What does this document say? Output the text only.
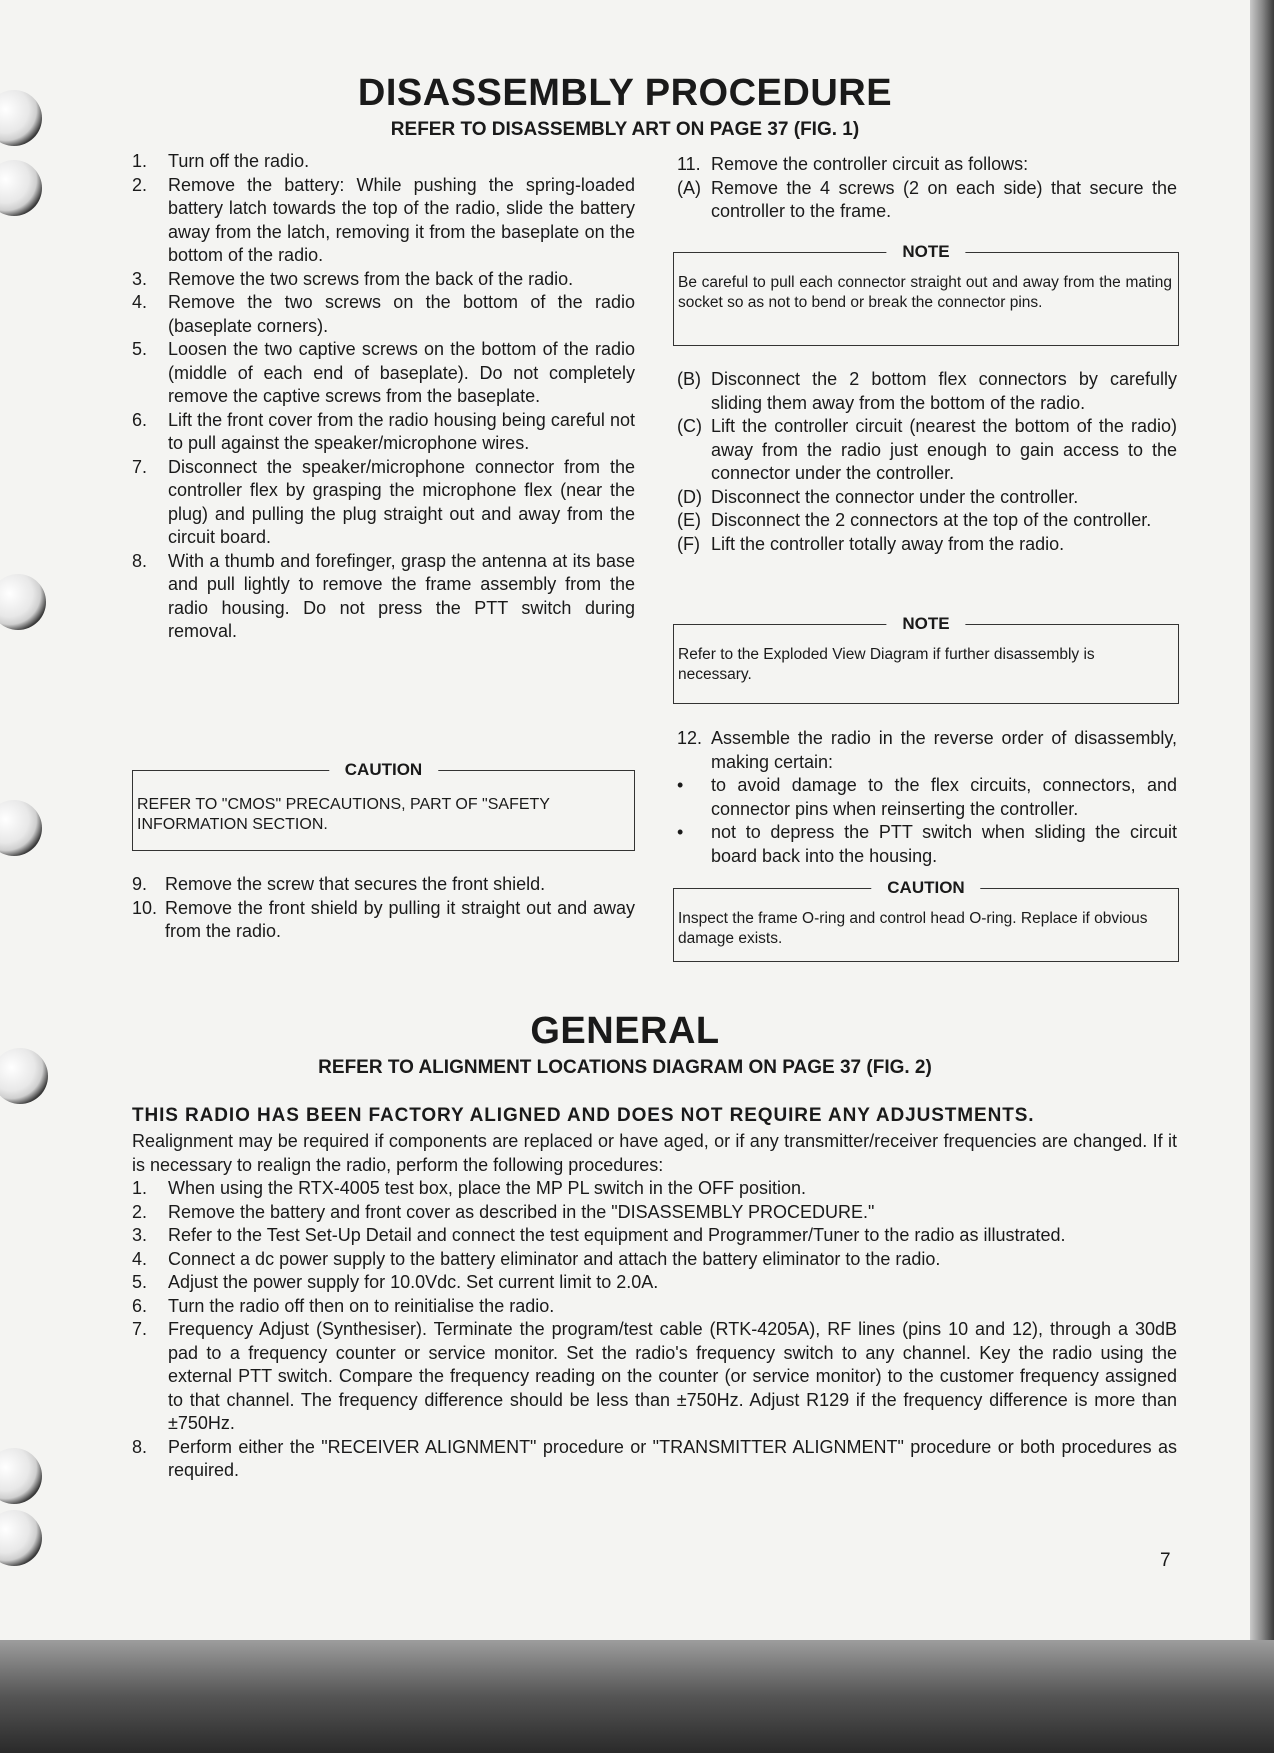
DISASSEMBLY PROCEDURE
REFER TO DISASSEMBLY ART ON PAGE 37 (FIG. 1)

1. Turn off the radio.

2. Remove the battery: While pushing the spring-loaded battery latch towards the top of the radio, slide the battery away from the latch, removing it from the baseplate on the bottom of the radio.

3. Remove the two screws from the back of the radio.

4. Remove the two screws on the bottom of the radio (baseplate corners).

5. Loosen the two captive screws on the bottom of the radio (middle of each end of baseplate). Do not completely remove the captive screws from the baseplate.

6. Lift the front cover from the radio housing being careful not to pull against the speaker/microphone wires.

7. Disconnect the speaker/microphone connector from the controller flex by grasping the microphone flex (near the plug) and pulling the plug straight out and away from the circuit board.

8. With a thumb and forefinger, grasp the antenna at its base and pull lightly to remove the frame assembly from the radio housing. Do not press the PTT switch during removal.

CAUTION
REFER TO "CMOS" PRECAUTIONS, PART OF "SAFETY INFORMATION SECTION.

9. Remove the screw that secures the front shield.

10. Remove the front shield by pulling it straight out and away from the radio.

11. Remove the controller circuit as follows:

(A) Remove the 4 screws (2 on each side) that secure the controller to the frame.

NOTE
Be careful to pull each connector straight out and away from the mating socket so as not to bend or break the connector pins.

(B) Disconnect the 2 bottom flex connectors by carefully sliding them away from the bottom of the radio.

(C) Lift the controller circuit (nearest the bottom of the radio) away from the radio just enough to gain access to the connector under the controller.

(D) Disconnect the connector under the controller.

(E) Disconnect the 2 connectors at the top of the controller.

(F) Lift the controller totally away from the radio.

NOTE
Refer to the Exploded View Diagram if further disassembly is necessary.

12. Assemble the radio in the reverse order of disassembly, making certain:

• to avoid damage to the flex circuits, connectors, and connector pins when reinserting the controller.

• not to depress the PTT switch when sliding the circuit board back into the housing.

CAUTION
Inspect the frame O-ring and control head O-ring. Replace if obvious damage exists.
GENERAL
REFER TO ALIGNMENT LOCATIONS DIAGRAM ON PAGE 37 (FIG. 2)
THIS RADIO HAS BEEN FACTORY ALIGNED AND DOES NOT REQUIRE ANY ADJUSTMENTS.
Realignment may be required if components are replaced or have aged, or if any transmitter/receiver frequencies are changed. If it is necessary to realign the radio, perform the following procedures:

1. When using the RTX-4005 test box, place the MP PL switch in the OFF position.

2. Remove the battery and front cover as described in the "DISASSEMBLY PROCEDURE."

3. Refer to the Test Set-Up Detail and connect the test equipment and Programmer/Tuner to the radio as illustrated.

4. Connect a dc power supply to the battery eliminator and attach the battery eliminator to the radio.

5. Adjust the power supply for 10.0Vdc. Set current limit to 2.0A.

6. Turn the radio off then on to reinitialise the radio.

7. Frequency Adjust (Synthesiser). Terminate the program/test cable (RTK-4205A), RF lines (pins 10 and 12), through a 30dB pad to a frequency counter or service monitor. Set the radio's frequency switch to any channel. Key the radio using the external PTT switch. Compare the frequency reading on the counter (or service monitor) to the customer frequency assigned to that channel. The frequency difference should be less than ±750Hz. Adjust R129 if the frequency difference is more than ±750Hz.

8. Perform either the "RECEIVER ALIGNMENT" procedure or "TRANSMITTER ALIGNMENT" procedure or both procedures as required.

7
